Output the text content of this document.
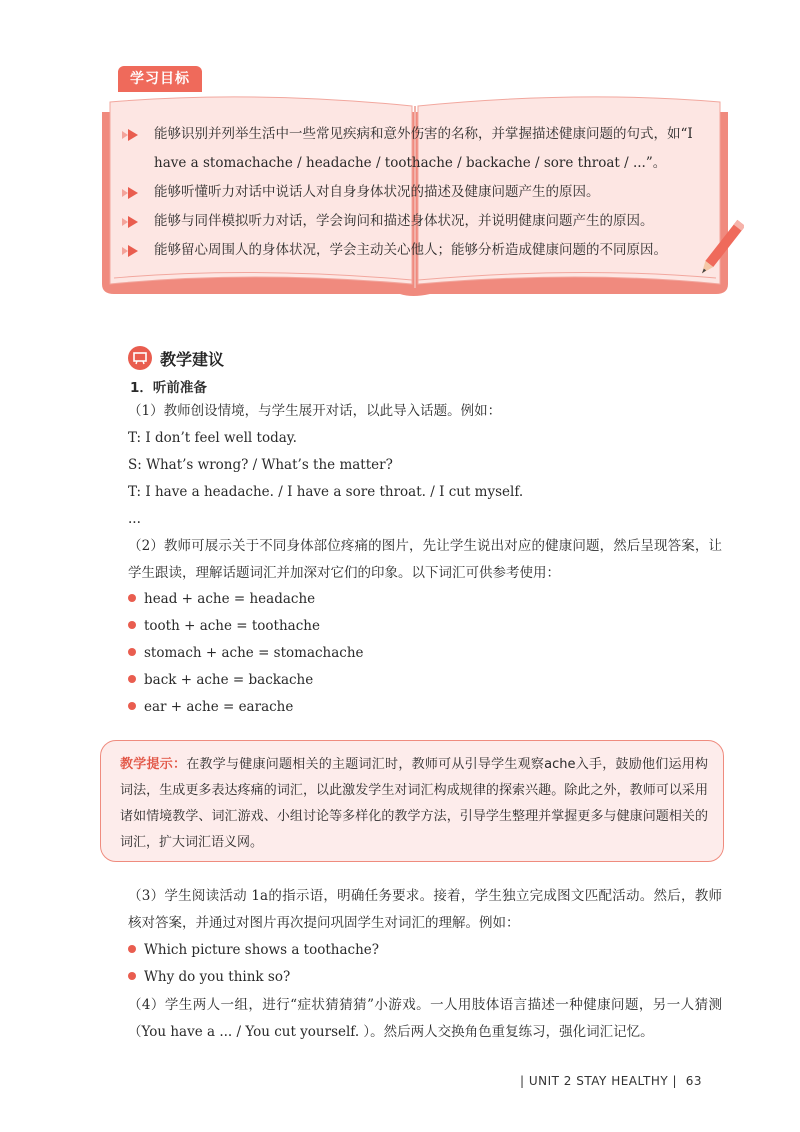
学习目标
能够识别并列举生活中一些常见疾病和意外伤害的名称，并掌握描述健康问题的句式，如“I have a stomachache / headache / toothache / backache / sore throat / ...”。
能够听懂听力对话中说话人对自身身体状况的描述及健康问题产生的原因。
能够与同伴模拟听力对话，学会询问和描述身体状况，并说明健康问题产生的原因。
能够留心周围人的身体状况，学会主动关心他人；能够分析造成健康问题的不同原因。
教学建议
1．听前准备

（1）教师创设情境，与学生展开对话，以此导入话题。例如：

T: I don’t feel well today.
S: What’s wrong? / What’s the matter?
T: I have a headache. / I have a sore throat. / I cut myself.
...

（2）教师可展示关于不同身体部位疼痛的图片，先让学生说出对应的健康问题，然后呈现答案，让学生跟读，理解话题词汇并加深对它们的印象。以下词汇可供参考使用：

head + ache = headache
tooth + ache = toothache
stomach + ache = stomachache
back + ache = backache
ear + ache = earache

教学提示：在教学与健康问题相关的主题词汇时，教师可从引导学生观察ache入手，鼓励他们运用构词法，生成更多表达疼痛的词汇，以此激发学生对词汇构成规律的探索兴趣。除此之外，教师可以采用诸如情境教学、词汇游戏、小组讨论等多样化的教学方法，引导学生整理并掌握更多与健康问题相关的词汇，扩大词汇语义网。

（3）学生阅读活动 1a的指示语，明确任务要求。接着，学生独立完成图文匹配活动。然后，教师核对答案，并通过对图片再次提问巩固学生对词汇的理解。例如：

Which picture shows a toothache?
Why do you think so?

（4）学生两人一组，进行“症状猜猜猜”小游戏。一人用肢体语言描述一种健康问题，另一人猜测（You have a ... / You cut yourself. ）。然后两人交换角色重复练习，强化词汇记忆。

| UNIT 2 STAY HEALTHY |  63
